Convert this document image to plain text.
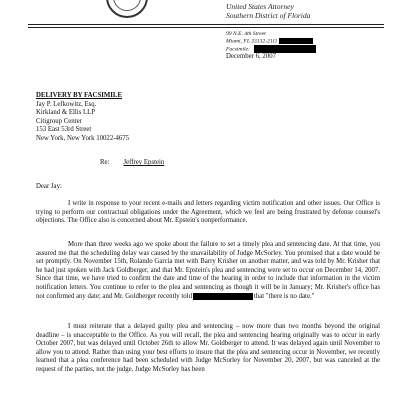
United States Attorney
Southern District of Florida
99 N.E. 4th Street
Miami, FL 33132-2111
Facsimile:
December 6, 2007
DELIVERY BY FACSIMILE
Jay P. Lefkowitz, Esq.
Kirkland & Ellis LLP
Citigroup Center
153 East 53rd Street
New York, New York 10022-4675
Re: Jeffrey Epstein
Dear Jay:
I write in response to your recent e-mails and letters regarding victim notification and other issues. Our Office is trying to perform our contractual obligations under the Agreement, which we feel are being frustrated by defense counsel's objections. The Office also is concerned about Mr. Epstein's nonperformance.
More than three weeks ago we spoke about the failure to set a timely plea and sentencing date. At that time, you assured me that the scheduling delay was caused by the unavailability of Judge McSorley. You promised that a date would be set promptly. On November 15th, Rolando Garcia met with Barry Krisher on another matter, and was told by Mr. Krisher that he had just spoken with Jack Goldberger, and that Mr. Epstein's plea and sentencing were set to occur on December 14, 2007. Since that time, we have tried to confirm the date and time of the hearing in order to include that information in the victim notification letters. You continue to refer to the plea and sentencing as though it will be in January; Mr. Krisher's office has not confirmed any date; and Mr. Goldberger recently told	that "there is no date."
I must reiterate that a delayed guilty plea and sentencing – now more than two months beyond the original deadline – is unacceptable to the Office. As you will recall, the plea and sentencing hearing originally was to occur in early October 2007, but was delayed until October 26th to allow Mr. Goldberger to attend. It was delayed again until November to allow you to attend. Rather than using your best efforts to insure that the plea and sentencing occur in November, we recently learned that a plea conference had been scheduled with Judge McSorley for November 20, 2007, but was canceled at the request of the parties, not the judge. Judge McSorley has been
